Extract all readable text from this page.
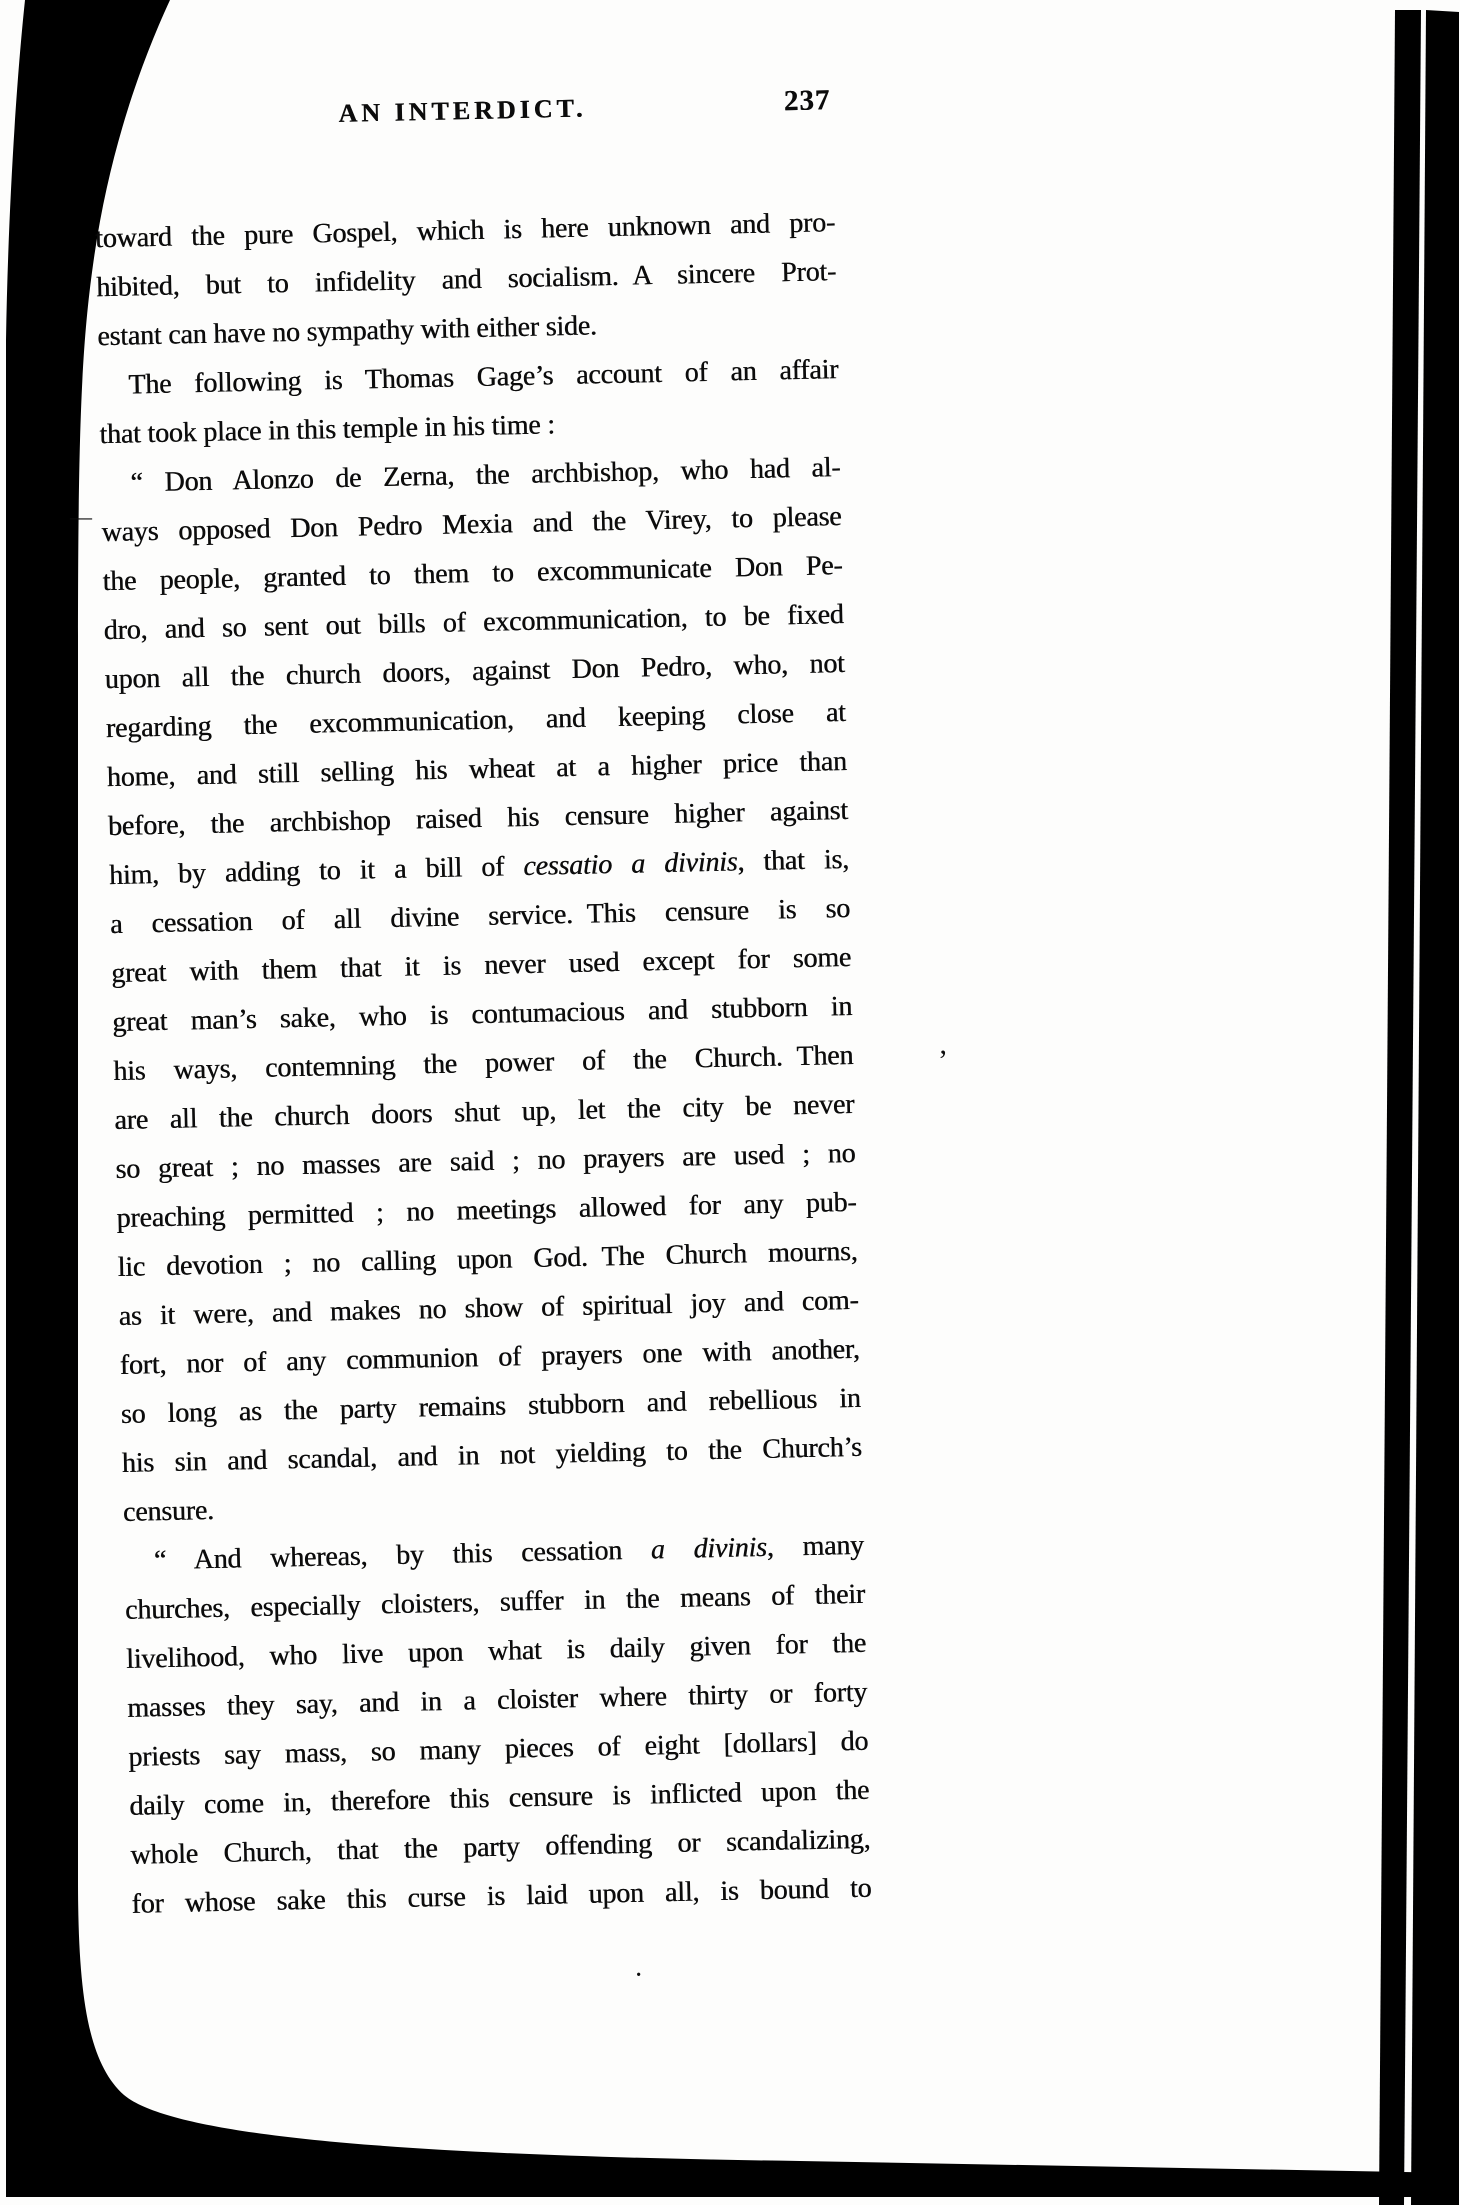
AN INTERDICT.	237
toward the pure Gospel, which is here unknown and pro-
hibited, but to infidelity and socialism. A sincere Prot-
estant can have no sympathy with either side.
The following is Thomas Gage’s account of an affair
that took place in this temple in his time :
“ Don Alonzo de Zerna, the archbishop, who had al-
ways opposed Don Pedro Mexia and the Virey, to please
the people, granted to them to excommunicate Don Pe-
dro, and so sent out bills of excommunication, to be fixed
upon all the church doors, against Don Pedro, who, not
regarding the excommunication, and keeping close at
home, and still selling his wheat at a higher price than
before, the archbishop raised his censure higher against
him, by adding to it a bill of cessatio a divinis, that is,
a cessation of all divine service. This censure is so
great with them that it is never used except for some
great man’s sake, who is contumacious and stubborn in
his ways, contemning the power of the Church. Then
are all the church doors shut up, let the city be never
so great ; no masses are said ; no prayers are used ; no
preaching permitted ; no meetings allowed for any pub-
lic devotion ; no calling upon God. The Church mourns,
as it were, and makes no show of spiritual joy and com-
fort, nor of any communion of prayers one with another,
so long as the party remains stubborn and rebellious in
his sin and scandal, and in not yielding to the Church’s
censure.
“ And whereas, by this cessation a divinis, many
churches, especially cloisters, suffer in the means of their
livelihood, who live upon what is daily given for the
masses they say, and in a cloister where thirty or forty
priests say mass, so many pieces of eight [dollars] do
daily come in, therefore this censure is inflicted upon the
whole Church, that the party offending or scandalizing,
for whose sake this curse is laid upon all, is bound to
’
·
—
